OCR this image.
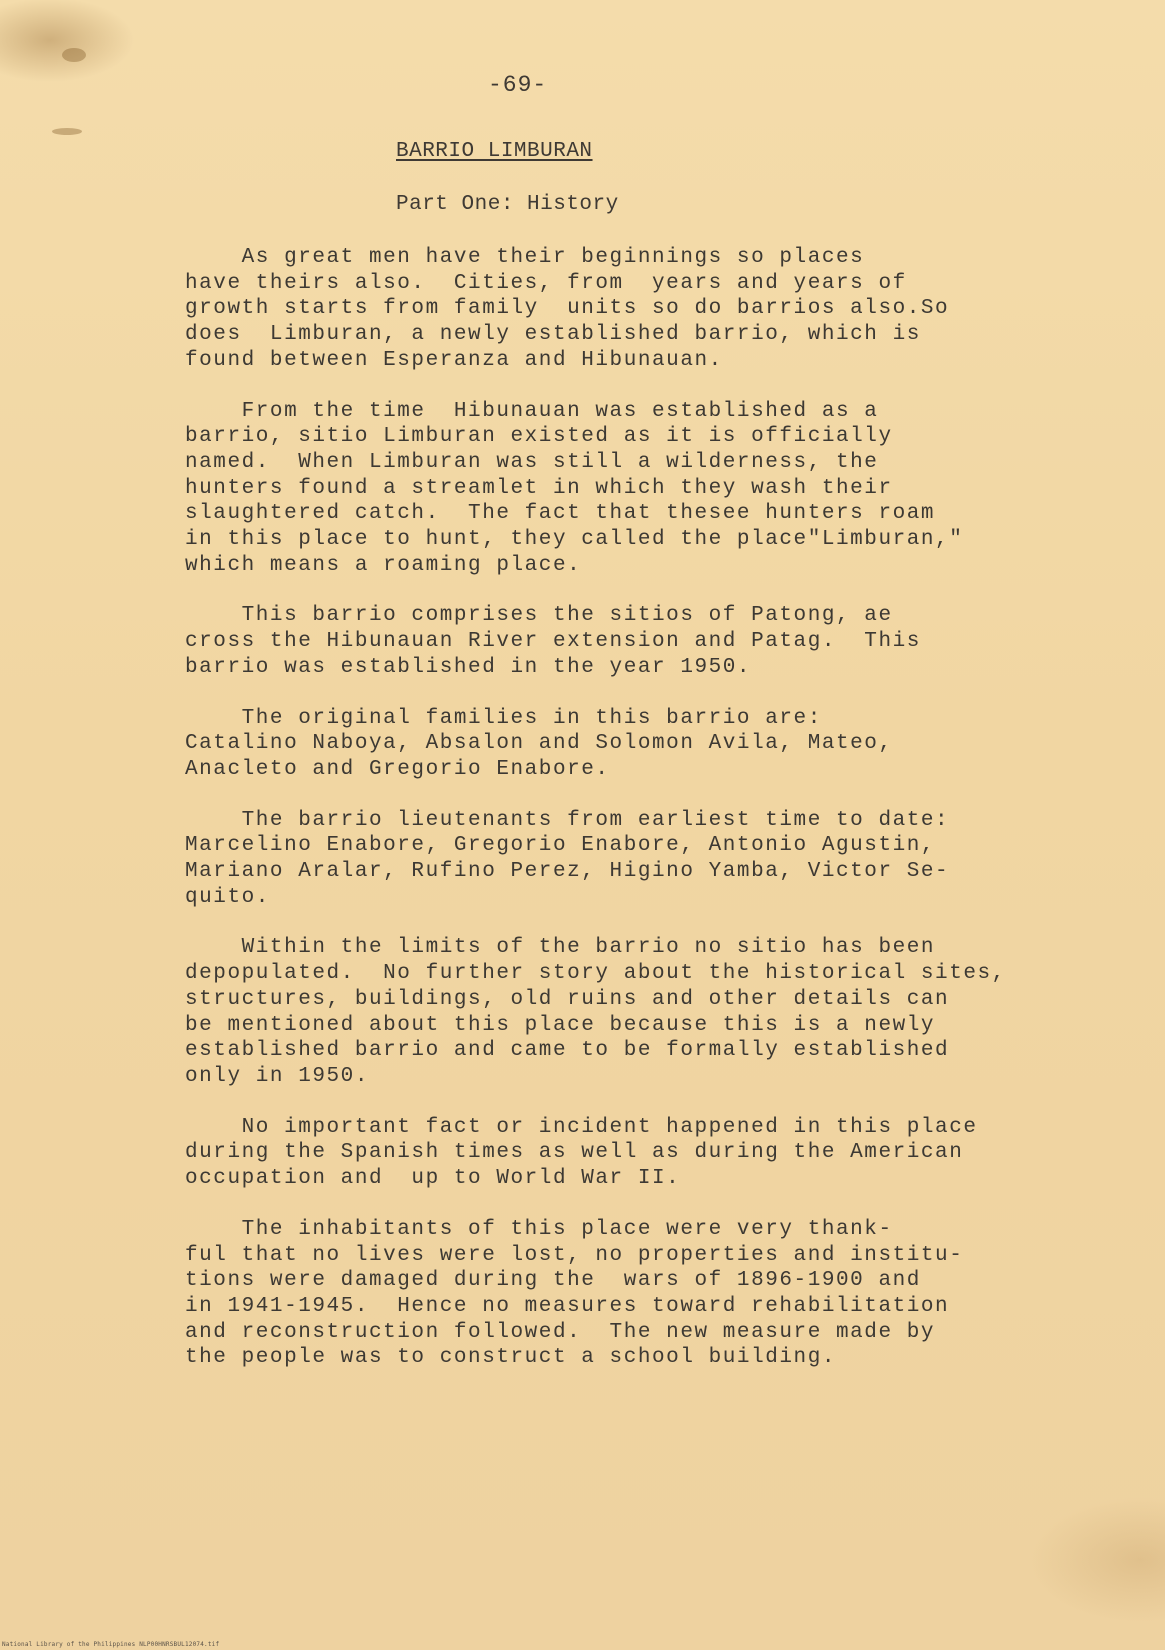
-69-
BARRIO LIMBURAN
Part One: History
As great men have their beginnings so places
have theirs also.  Cities, from  years and years of
growth starts from family  units so do barrios also.So
does  Limburan, a newly established barrio, which is
found between Esperanza and Hibunauan.
From the time  Hibunauan was established as a
barrio, sitio Limburan existed as it is officially
named.  When Limburan was still a wilderness, the
hunters found a streamlet in which they wash their
slaughtered catch.  The fact that thesee hunters roam
in this place to hunt, they called the place"Limburan,"
which means a roaming place.
This barrio comprises the sitios of Patong, ae
cross the Hibunauan River extension and Patag.  This
barrio was established in the year 1950.
The original families in this barrio are:
Catalino Naboya, Absalon and Solomon Avila, Mateo,
Anacleto and Gregorio Enabore.
The barrio lieutenants from earliest time to date:
Marcelino Enabore, Gregorio Enabore, Antonio Agustin,
Mariano Aralar, Rufino Perez, Higino Yamba, Victor Se-
quito.
Within the limits of the barrio no sitio has been
depopulated.  No further story about the historical sites,
structures, buildings, old ruins and other details can
be mentioned about this place because this is a newly
established barrio and came to be formally established
only in 1950.
No important fact or incident happened in this place
during the Spanish times as well as during the American
occupation and  up to World War II.
The inhabitants of this place were very thank-
ful that no lives were lost, no properties and institu-
tions were damaged during the  wars of 1896-1900 and
in 1941-1945.  Hence no measures toward rehabilitation
and reconstruction followed.  The new measure made by
the people was to construct a school building.
National Library of the Philippines NLP00HNRSBUL12074.tif
